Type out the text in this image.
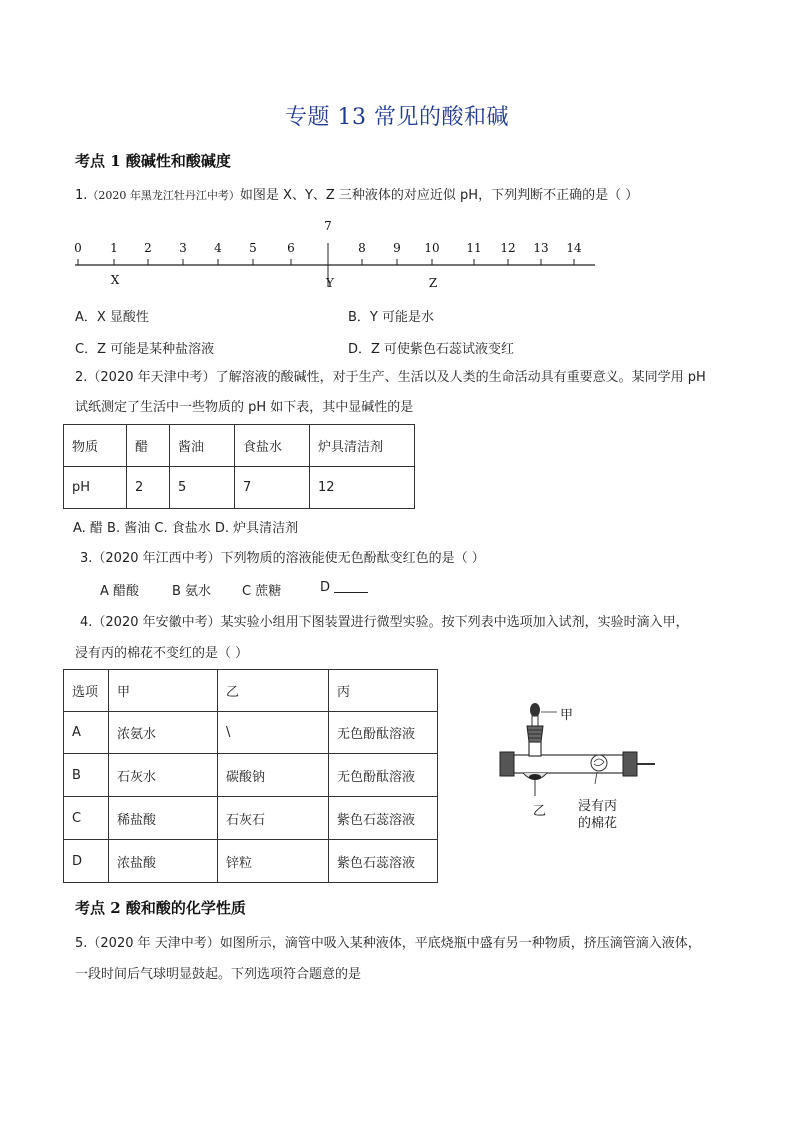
专题 13 常见的酸和碱
考点 1 酸碱性和酸碱度
1.（2020 年黑龙江牡丹江中考）如图是 X、Y、Z 三种液体的对应近似 pH，下列判断不正确的是（ ）
0 1 2 3 4 5	6
7
8 9 10 11 12 13 14
X	Y	Z
A．X 显酸性	B．Y 可能是水
C．Z 可能是某种盐溶液	D．Z 可使紫色石蕊试液变红
2.（2020 年天津中考）了解溶液的酸碱性，对于生产、生活以及人类的生命活动具有重要意义。某同学用 pH
试纸测定了生活中一些物质的 pH 如下表，其中显碱性的是
物质	醋	酱油	食盐水	炉具清洁剂
pH	2	5	7	12
A. 醋 B. 酱油 C. 食盐水 D. 炉具清洁剂
3.（2020 年江西中考）下列物质的溶液能使无色酚酞变红色的是（ ）
A 醋酸	B 氨水 C 蔗糖	D
4.（2020 年安徽中考）某实验小组用下图装置进行微型实验。按下列表中选项加入试剂，实验时滴入甲，
浸有丙的棉花不变红的是（ ）
选项	甲	乙	丙
A	浓氨水	\	无色酚酞溶液
B	石灰水	碳酸钠	无色酚酞溶液
C	稀盐酸	石灰石	紫色石蕊溶液
D	浓盐酸	锌粒	紫色石蕊溶液
甲
乙 浸有丙
的棉花
考点 2 酸和酸的化学性质
5.（2020 年 天津中考）如图所示，滴管中吸入某种液体，平底烧瓶中盛有另一种物质，挤压滴管滴入液体，
一段时间后气球明显鼓起。下列选项符合题意的是
